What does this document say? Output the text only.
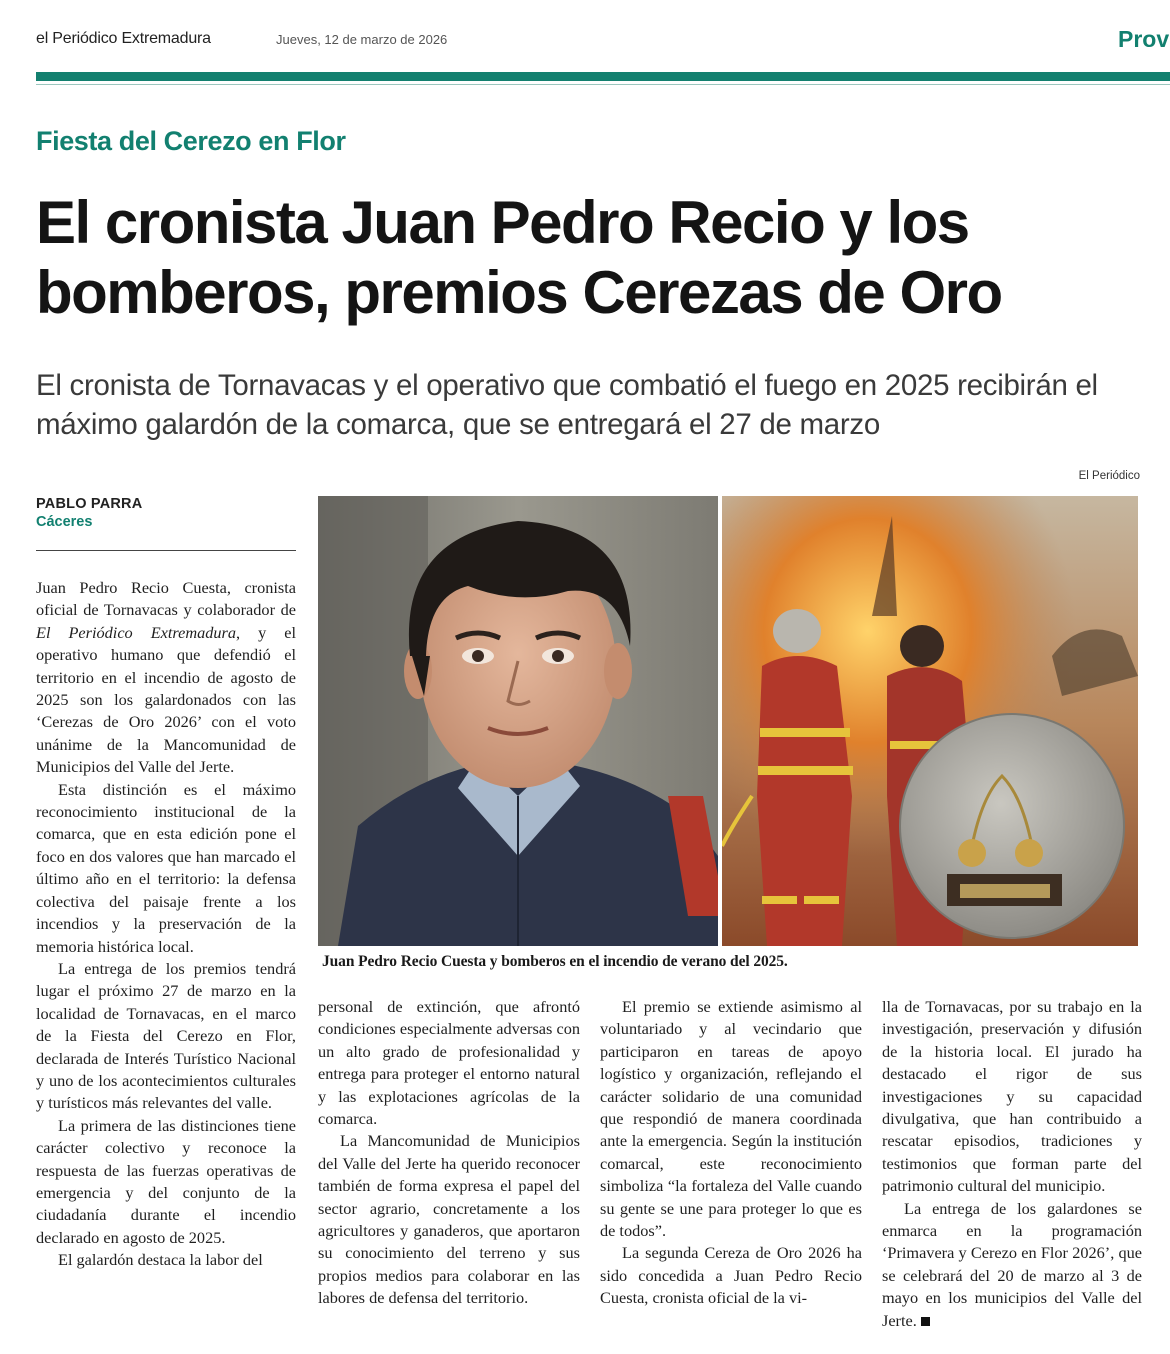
el Periódico Extremadura	Jueves, 12 de marzo de 2026	Prov
Fiesta del Cerezo en Flor
El cronista Juan Pedro Recio y los bomberos, premios Cerezas de Oro
El cronista de Tornavacas y el operativo que combatió el fuego en 2025 recibirán el máximo galardón de la comarca, que se entregará el 27 de marzo
PABLO PARRA
Cáceres
El Periódico
Juan Pedro Recio Cuesta y bomberos en el incendio de verano del 2025.

Juan Pedro Recio Cuesta, cronista oficial de Tornavacas y colaborador de El Periódico Extremadura, y el operativo humano que defendió el territorio en el incendio de agosto de 2025 son los galardonados con las ‘Cerezas de Oro 2026’ con el voto unánime de la Mancomunidad de Municipios del Valle del Jerte.

Esta distinción es el máximo reconocimiento institucional de la comarca, que en esta edición pone el foco en dos valores que han marcado el último año en el territorio: la defensa colectiva del paisaje frente a los incendios y la preservación de la memoria histórica local.

La entrega de los premios tendrá lugar el próximo 27 de marzo en la localidad de Tornavacas, en el marco de la Fiesta del Cerezo en Flor, declarada de Interés Turístico Nacional y uno de los acontecimientos culturales y turísticos más relevantes del valle.

La primera de las distinciones tiene carácter colectivo y reconoce la respuesta de las fuerzas operativas de emergencia y del conjunto de la ciudadanía durante el incendio declarado en agosto de 2025.

El galardón destaca la labor del

personal de extinción, que afrontó condiciones especialmente adversas con un alto grado de profesionalidad y entrega para proteger el entorno natural y las explotaciones agrícolas de la comarca.

La Mancomunidad de Municipios del Valle del Jerte ha querido reconocer también de forma expresa el papel del sector agrario, concretamente a los agricultores y ganaderos, que aportaron su conocimiento del terreno y sus propios medios para colaborar en las labores de defensa del territorio.

El premio se extiende asimismo al voluntariado y al vecindario que participaron en tareas de apoyo logístico y organización, reflejando el carácter solidario de una comunidad que respondió de manera coordinada ante la emergencia. Según la institución comarcal, este reconocimiento simboliza “la fortaleza del Valle cuando su gente se une para proteger lo que es de todos”.

La segunda Cereza de Oro 2026 ha sido concedida a Juan Pedro Recio Cuesta, cronista oficial de la vi-

lla de Tornavacas, por su trabajo en la investigación, preservación y difusión de la historia local. El jurado ha destacado el rigor de sus investigaciones y su capacidad divulgativa, que han contribuido a rescatar episodios, tradiciones y testimonios que forman parte del patrimonio cultural del municipio.

La entrega de los galardones se enmarca en la programación ‘Primavera y Cerezo en Flor 2026’, que se celebrará del 20 de marzo al 3 de mayo en los municipios del Valle del Jerte.
